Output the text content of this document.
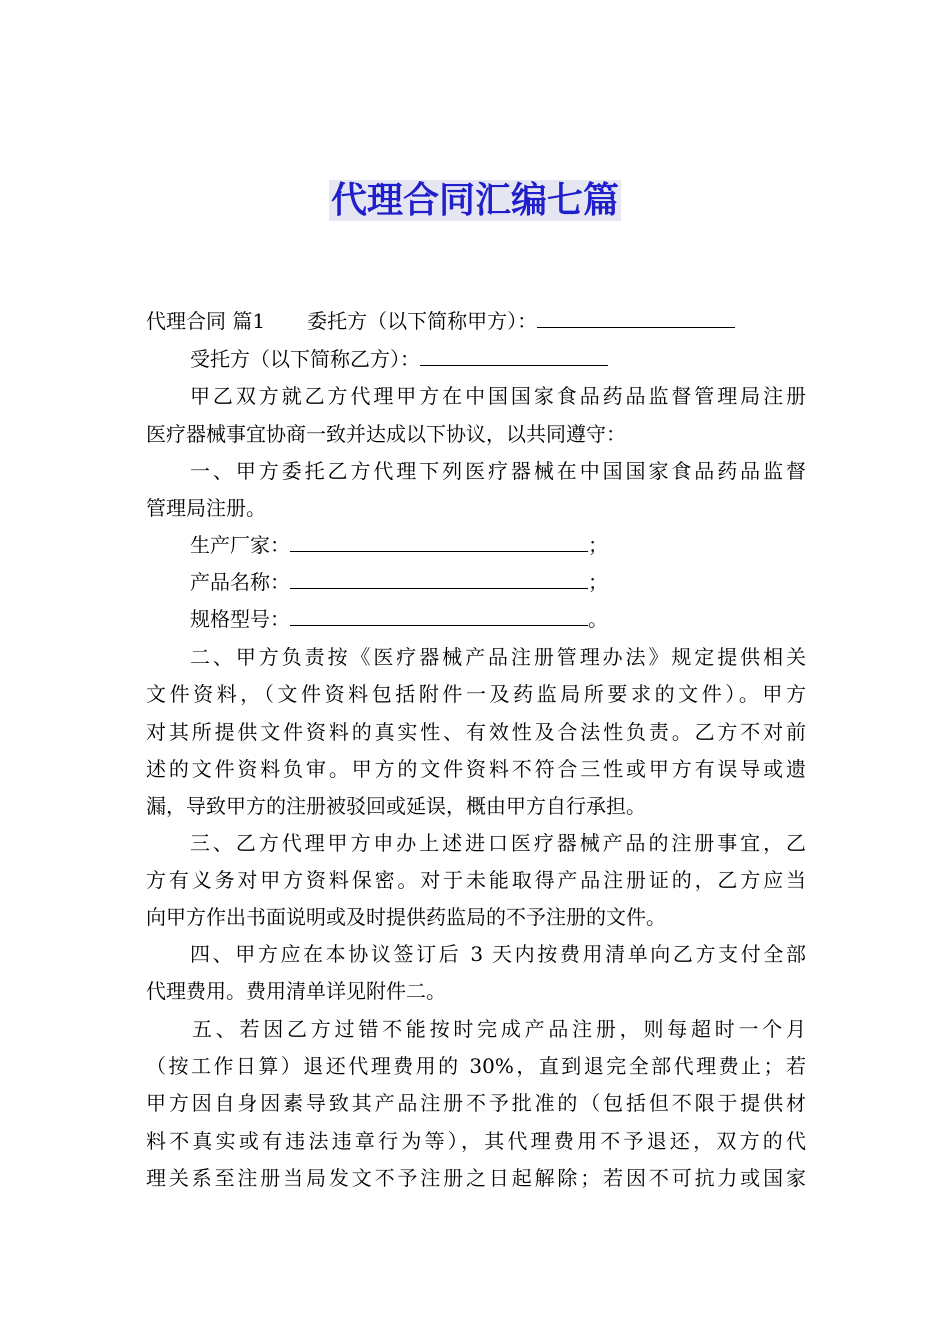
代理合同汇编七篇
代理合同 篇1 委托方（以下简称甲方）：
受托方（以下简称乙方）：
甲乙双方就乙方代理甲方在中国国家食品药品监督管理局注册
医疗器械事宜协商一致并达成以下协议，以共同遵守：
一、甲方委托乙方代理下列医疗器械在中国国家食品药品监督
管理局注册。
生产厂家：	；
产品名称：	；
规格型号：	。
二、甲方负责按《医疗器械产品注册管理办法》规定提供相关
文件资料，（文件资料包括附件一及药监局所要求的文件）。甲方
对其所提供文件资料的真实性、有效性及合法性负责。乙方不对前
述的文件资料负审。甲方的文件资料不符合三性或甲方有误导或遗
漏，导致甲方的注册被驳回或延误，概由甲方自行承担。
三、乙方代理甲方申办上述进口医疗器械产品的注册事宜，乙
方有义务对甲方资料保密。对于未能取得产品注册证的，乙方应当
向甲方作出书面说明或及时提供药监局的不予注册的文件。
四、甲方应在本协议签订后 3 天内按费用清单向乙方支付全部
代理费用。费用清单详见附件二。
五、若因乙方过错不能按时完成产品注册，则每超时一个月
（按工作日算）退还代理费用的 30%，直到退完全部代理费止；若
甲方因自身因素导致其产品注册不予批准的（包括但不限于提供材
料不真实或有违法违章行为等），其代理费用不予退还，双方的代
理关系至注册当局发文不予注册之日起解除；若因不可抗力或国家
